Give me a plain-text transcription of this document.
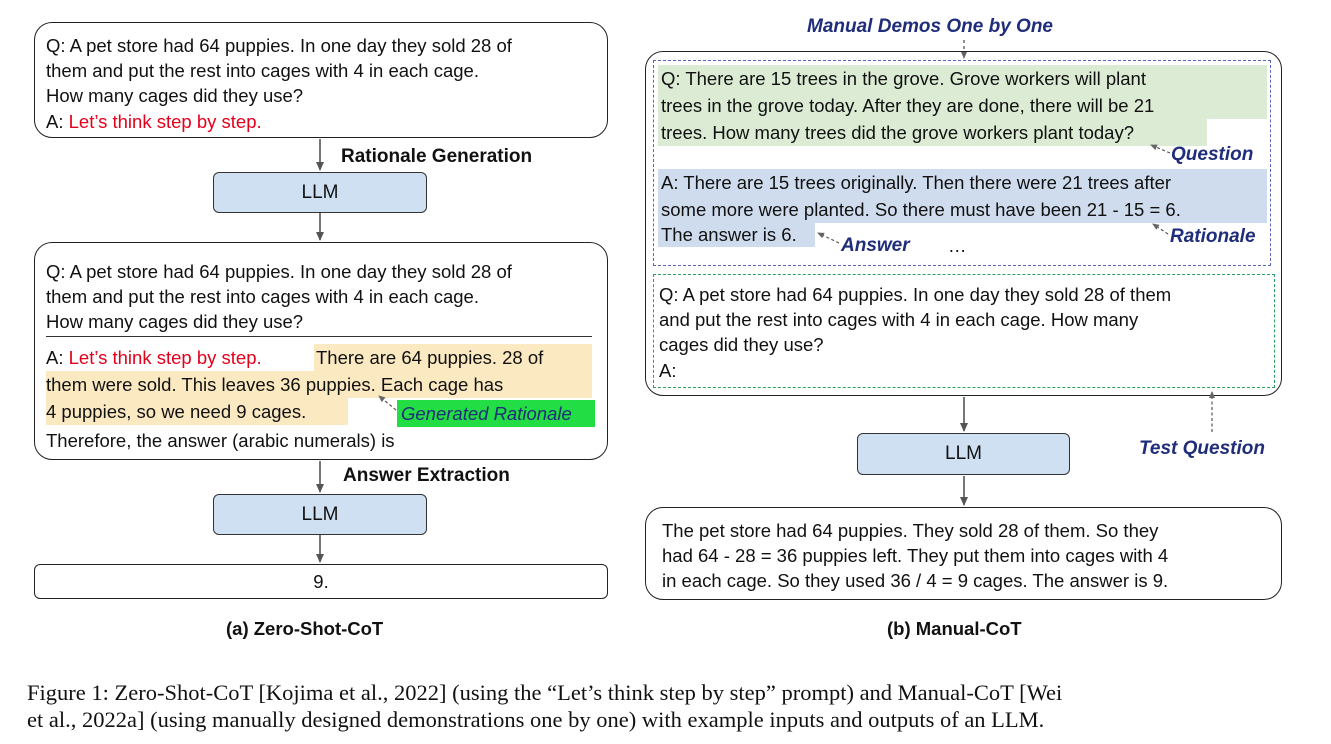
Q: A pet store had 64 puppies. In one day they sold 28 of
them and put the rest into cages with 4 in each cage.
How many cages did they use?
A: Let’s think step by step.
Rationale Generation
LLM
Q: A pet store had 64 puppies. In one day they sold 28 of
them and put the rest into cages with 4 in each cage.
How many cages did they use?
A: Let’s think step by step.	There are 64 puppies. 28 of
them were sold. This leaves 36 puppies. Each cage has
4 puppies, so we need 9 cages.	Generated Rationale
Therefore, the answer (arabic numerals) is
Answer Extraction
LLM
9.
(a) Zero-Shot-CoT
Manual Demos One by One
Q: There are 15 trees in the grove. Grove workers will plant
trees in the grove today. After they are done, there will be 21
trees. How many trees did the grove workers plant today?
Question
A: There are 15 trees originally. Then there were 21 trees after
some more were planted. So there must have been 21 - 15 = 6.
The answer is 6.
Answer …	Rationale
Q: A pet store had 64 puppies. In one day they sold 28 of them
and put the rest into cages with 4 in each cage. How many
cages did they use?
A:
LLM	Test Question
The pet store had 64 puppies. They sold 28 of them. So they
had 64 - 28 = 36 puppies left. They put them into cages with 4
in each cage. So they used 36 / 4 = 9 cages. The answer is 9.
(b) Manual-CoT
Figure 1: Zero-Shot-CoT [Kojima et al., 2022] (using the “Let’s think step by step” prompt) and Manual-CoT [Wei
et al., 2022a] (using manually designed demonstrations one by one) with example inputs and outputs of an LLM.
